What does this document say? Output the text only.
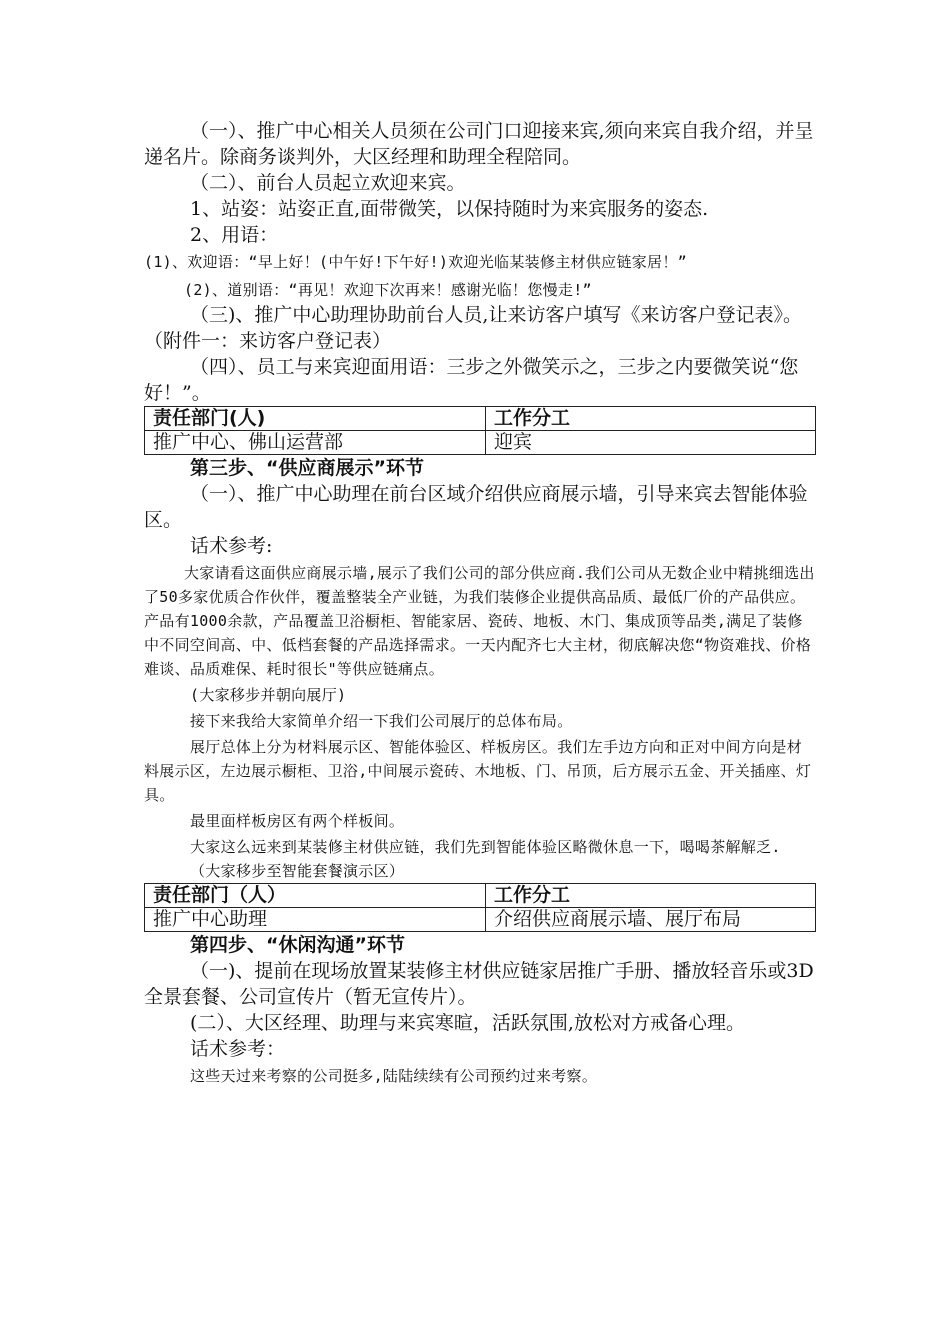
（一）、推广中心相关人员须在公司门口迎接来宾,须向来宾自我介绍，并呈递名片。除商务谈判外，大区经理和助理全程陪同。

（二）、前台人员起立欢迎来宾。

1、站姿：站姿正直,面带微笑，以保持随时为来宾服务的姿态.

2、用语：

(1)、欢迎语：“早上好！(中午好!下午好!)欢迎光临某装修主材供应链家居！”

(2)、道别语：“再见！欢迎下次再来！感谢光临！您慢走!”

（三)、推广中心助理协助前台人员,让来访客户填写《来访客户登记表》。（附件一：来访客户登记表）

（四）、员工与来宾迎面用语：三步之外微笑示之，三步之内要微笑说“您好！”。

责任部门(人)	工作分工
推广中心、佛山运营部	迎宾

第三步、“供应商展示”环节

（一）、推广中心助理在前台区域介绍供应商展示墙，引导来宾去智能体验区。

话术参考:

大家请看这面供应商展示墙,展示了我们公司的部分供应商.我们公司从无数企业中精挑细选出了50多家优质合作伙伴，覆盖整装全产业链，为我们装修企业提供高品质、最低厂价的产品供应。产品有1000余款，产品覆盖卫浴橱柜、智能家居、瓷砖、地板、木门、集成顶等品类,满足了装修中不同空间高、中、低档套餐的产品选择需求。一天内配齐七大主材，彻底解决您“物资难找、价格难谈、品质难保、耗时很长"等供应链痛点。

(大家移步并朝向展厅)

接下来我给大家简单介绍一下我们公司展厅的总体布局。

展厅总体上分为材料展示区、智能体验区、样板房区。我们左手边方向和正对中间方向是材料展示区，左边展示橱柜、卫浴,中间展示瓷砖、木地板、门、吊顶，后方展示五金、开关插座、灯具。

最里面样板房区有两个样板间。

大家这么远来到某装修主材供应链，我们先到智能体验区略微休息一下，喝喝茶解解乏.

（大家移步至智能套餐演示区）

责任部门（人）	工作分工
推广中心助理	介绍供应商展示墙、展厅布局

第四步、“休闲沟通”环节

（一)、提前在现场放置某装修主材供应链家居推广手册、播放轻音乐或3D全景套餐、公司宣传片（暂无宣传片）。

(二）、大区经理、助理与来宾寒暄，活跃氛围,放松对方戒备心理。

话术参考：

这些天过来考察的公司挺多,陆陆续续有公司预约过来考察。
